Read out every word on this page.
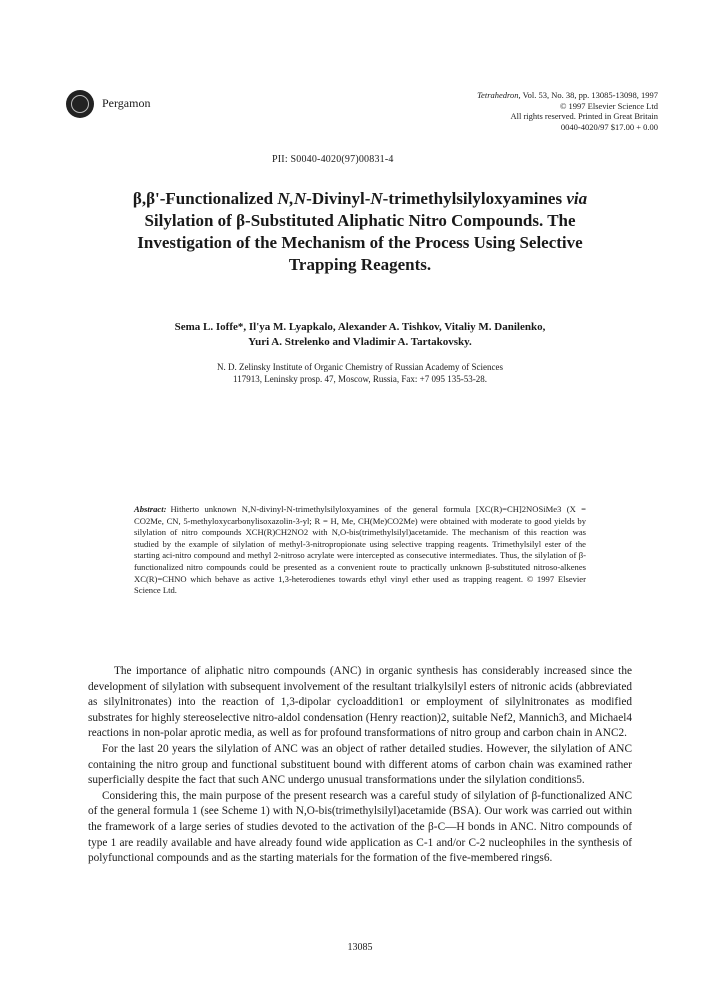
Pergamon
Tetrahedron, Vol. 53, No. 38, pp. 13085-13098, 1997
© 1997 Elsevier Science Ltd
All rights reserved. Printed in Great Britain
0040-4020/97 $17.00 + 0.00
PII: S0040-4020(97)00831-4
β,β'-Functionalized N,N-Divinyl-N-trimethylsilyloxyamines via
Silylation of β-Substituted Aliphatic Nitro Compounds. The
Investigation of the Mechanism of the Process Using Selective
Trapping Reagents.
Sema L. Ioffe*, Il'ya M. Lyapkalo, Alexander A. Tishkov, Vitaliy M. Danilenko,
Yuri A. Strelenko and Vladimir A. Tartakovsky.
N. D. Zelinsky Institute of Organic Chemistry of Russian Academy of Sciences
117913, Leninsky prosp. 47, Moscow, Russia, Fax: +7 095 135-53-28.
Abstract: Hitherto unknown N,N-divinyl-N-trimethylsilyloxyamines of the general formula [XC(R)=CH]2NOSiMe3 (X = CO2Me, CN, 5-methyloxycarbonylisoxazolin-3-yl; R = H, Me, CH(Me)CO2Me) were obtained with moderate to good yields by silylation of nitro compounds XCH(R)CH2NO2 with N,O-bis(trimethylsilyl)acetamide. The mechanism of this reaction was studied by the example of silylation of methyl-3-nitropropionate using selective trapping reagents. Trimethylsilyl ester of the starting aci-nitro compound and methyl 2-nitroso acrylate were intercepted as consecutive intermediates. Thus, the silylation of β-functionalized nitro compounds could be presented as a convenient route to practically unknown β-substituted nitroso-alkenes XC(R)=CHNO which behave as active 1,3-heterodienes towards ethyl vinyl ether used as trapping reagent. © 1997 Elsevier Science Ltd.

The importance of aliphatic nitro compounds (ANC) in organic synthesis has considerably increased since the development of silylation with subsequent involvement of the resultant trialkylsilyl esters of nitronic acids (abbreviated as silylnitronates) into the reaction of 1,3-dipolar cycloaddition1 or employment of silylnitronates as modified substrates for highly stereoselective nitro-aldol condensation (Henry reaction)2, suitable Nef2, Mannich3, and Michael4 reactions in non-polar aprotic media, as well as for profound transformations of nitro group and carbon chain in ANC2.

For the last 20 years the silylation of ANC was an object of rather detailed studies. However, the silylation of ANC containing the nitro group and functional substituent bound with different atoms of carbon chain was examined rather superficially despite the fact that such ANC undergo unusual transformations under the silylation conditions5.

Considering this, the main purpose of the present research was a careful study of silylation of β-functionalized ANC of the general formula 1 (see Scheme 1) with N,O-bis(trimethylsilyl)acetamide (BSA). Our work was carried out within the framework of a large series of studies devoted to the activation of the β-C—H bonds in ANC. Nitro compounds of type 1 are readily available and have already found wide application as C-1 and/or C-2 nucleophiles in the synthesis of polyfunctional compounds and as the starting materials for the formation of the five-membered rings6.

13085
